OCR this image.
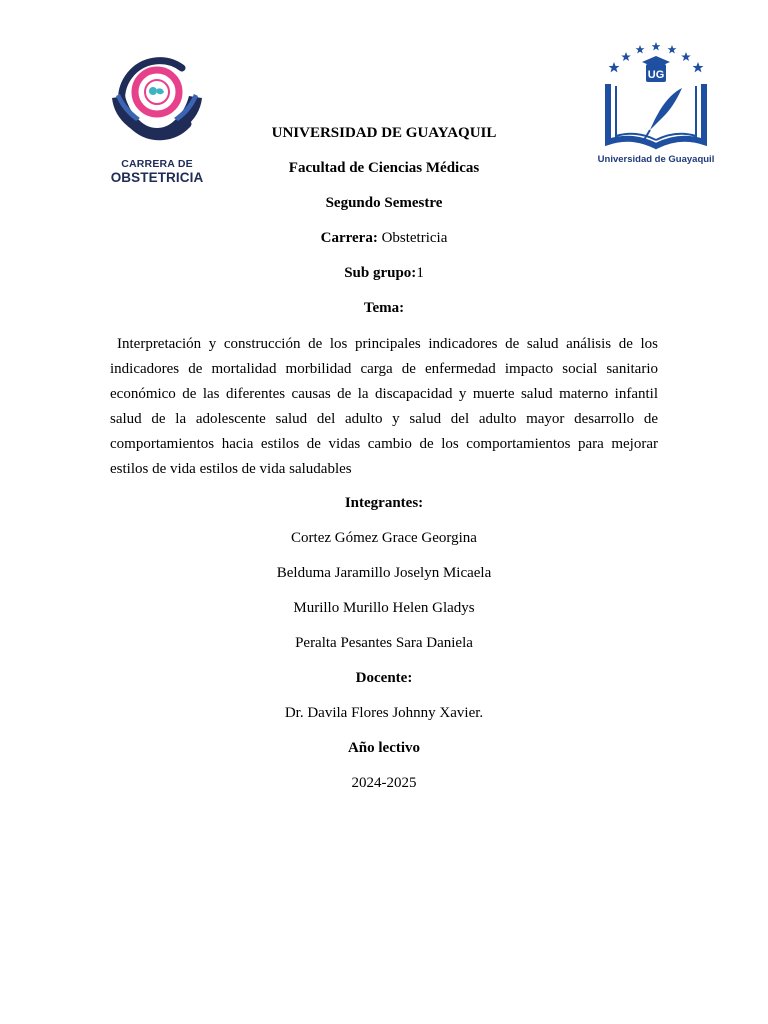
CARRERA DE
OBSTETRICIA
UG
Universidad de Guayaquil
UNIVERSIDAD DE GUAYAQUIL
Facultad de Ciencias Médicas
Segundo Semestre
Carrera: Obstetricia
Sub grupo:1
Tema:
Interpretación y construcción de los principales indicadores de salud análisis de los indicadores de mortalidad morbilidad carga de enfermedad impacto social sanitario económico de las diferentes causas de la discapacidad y muerte salud materno infantil salud de la adolescente salud del adulto y salud del adulto mayor desarrollo de comportamientos hacia estilos de vidas cambio de los comportamientos para mejorar estilos de vida estilos de vida saludables
Integrantes:
Cortez Gómez Grace Georgina
Belduma Jaramillo Joselyn Micaela
Murillo Murillo Helen Gladys
Peralta Pesantes Sara Daniela
Docente:
Dr. Davila Flores Johnny Xavier.
Año lectivo
2024-2025
